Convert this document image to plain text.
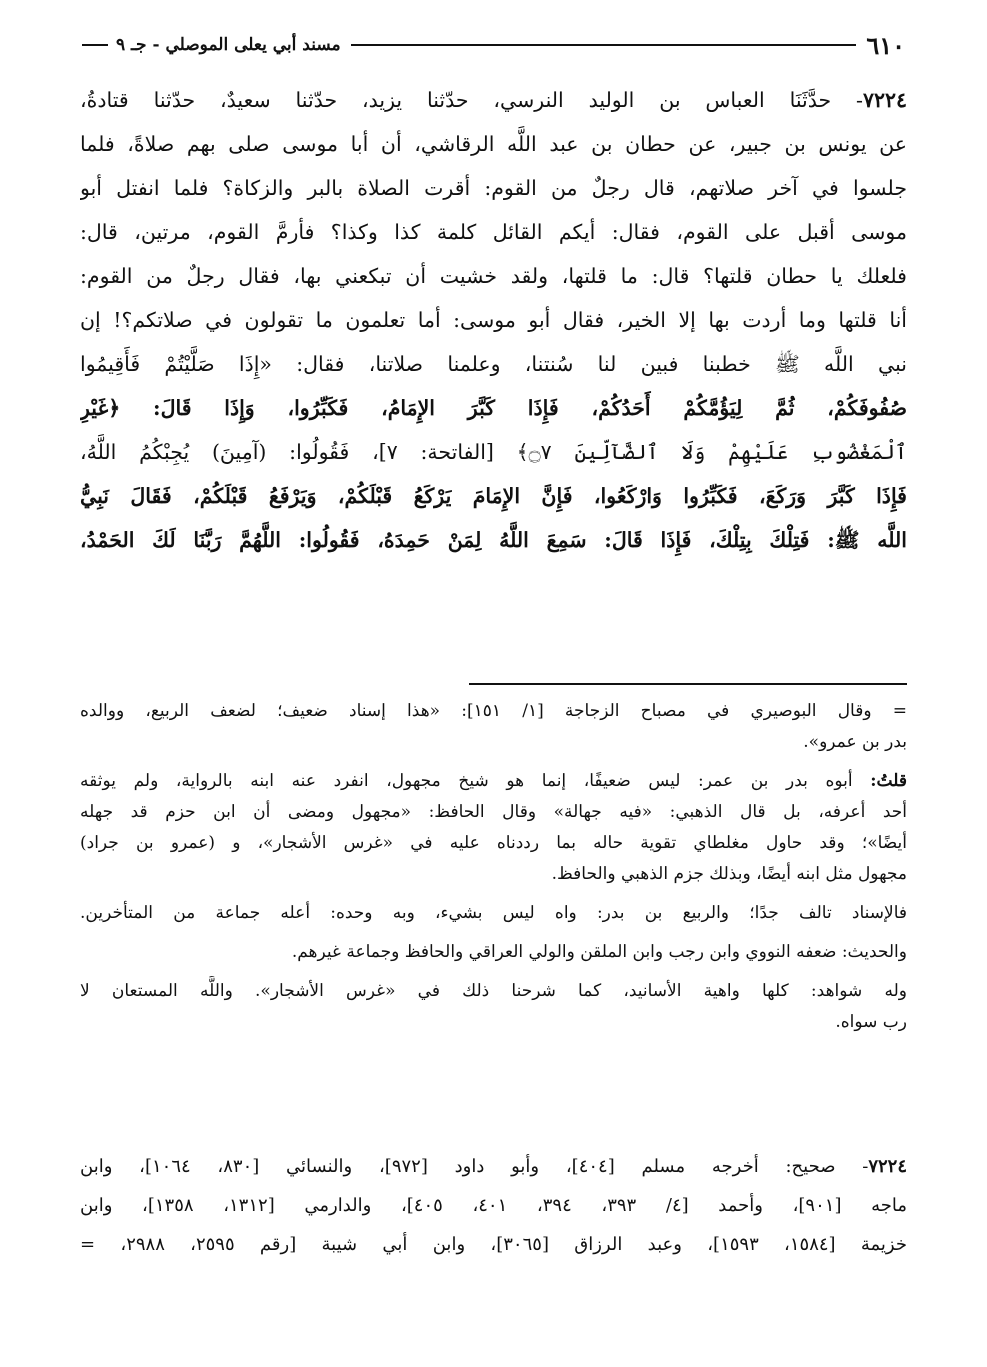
٦١٠
مسند أبي يعلى الموصلي - جـ ٩
٧٢٢٤- حدَّثَنَا العباس بن الوليد النرسي، حدّثنا يزيد، حدّثنا سعيدٌ، حدّثنا قتادةُ،
عن يونس بن جبير، عن حطان بن عبد اللَّه الرقاشي، أن أبا موسى صلى بهم صلاةً، فلما
جلسوا في آخر صلاتهم، قال رجلٌ من القوم: أقرت الصلاة بالبر والزكاة؟ فلما انفتل أبو
موسى أقبل على القوم، فقال: أيكم القائل كلمة كذا وكذا؟ فأرمَّ القوم، مرتين، قال:
فلعلك يا حطان قلتها؟ قال: ما قلتها، ولقد خشيت أن تبكعني بها، فقال رجلٌ من القوم:
أنا قلتها وما أردت بها إلا الخير، فقال أبو موسى: أما تعلمون ما تقولون في صلاتكم؟! إن
نبي اللَّه ﷺ خطبنا فبين لنا سُنتنا، وعلمنا صلاتنا، فقال: «إِذَا صَلَّيْتُمْ فَأَقِيمُوا
صُفُوفَكُمْ، ثُمَّ لِيَؤُمَّكُمْ أَحَدُكُمْ، فَإِذَا كَبَّرَ الإِمَامُ، فَكَبِّرُوا، وَإِذَا قَالَ: ﴿غَيْرِ
ٱلْمَغْضُوبِ عَلَيْهِمْ وَلَا ٱلضَّآلِّينَ ۝٧﴾ [الفاتحة: ٧]، فَقُولُوا: (آمِينَ) يُجِبْكُمُ اللَّهُ،
فَإِذَا كَبَّرَ وَرَكَعَ، فَكَبِّرُوا وَارْكَعُوا، فَإِنَّ الإِمَامَ يَرْكَعُ قَبْلَكُمْ، وَيَرْفَعُ قَبْلَكُمْ، فَقَالَ نَبِيُّ
اللَّه ﷺ: فَتِلْكَ بِتِلْكَ، فَإِذَا قَالَ: سَمِعَ اللَّهُ لِمَنْ حَمِدَهُ، فَقُولُوا: اللَّهُمَّ رَبَّنَا لَكَ الحَمْدُ،
= وقال البوصيري في مصباح الزجاجة [١/ ١٥١]: «هذا إسناد ضعيف؛ لضعف الربيع، ووالده
بدر بن عمرو».
قلتُ: أبوه بدر بن عمر: ليس ضعيفًا، إنما هو شيخ مجهول، انفرد عنه ابنه بالرواية، ولم يوثقه
أحد أعرفه، بل قال الذهبي: «فيه جهالة» وقال الحافظ: «مجهول ومضى أن ابن حزم قد جهله
أيضًا»؛ وقد حاول مغلطاي تقوية حاله بما رددناه عليه في «غرس الأشجار»، و (عمرو بن جراد)
مجهول مثل ابنه أيضًا، وبذلك جزم الذهبي والحافظ.
فالإسناد تالف جدًا؛ والربيع بن بدر: واه ليس بشيء، وبه وحده: أعله جماعة من المتأخرين.
والحديث: ضعفه النووي وابن رجب وابن الملقن والولي العراقي والحافظ وجماعة غيرهم.
وله شواهد: كلها واهية الأسانيد، كما شرحنا ذلك في «غرس الأشجار». واللَّه المستعان لا
رب سواه.
٧٢٢٤- صحيح: أخرجه مسلم [٤٠٤]، وأبو داود [٩٧٢]، والنسائي [٨٣٠، ١٠٦٤]، وابن
ماجه [٩٠١]، وأحمد [٤/ ٣٩٣، ٣٩٤، ٤٠١، ٤٠٥]، والدارمي [١٣١٢، ١٣٥٨]، وابن
خزيمة [١٥٨٤، ١٥٩٣]، وعبد الرزاق [٣٠٦٥]، وابن أبي شيبة [رقم ٢٥٩٥، ٢٩٨٨، =
